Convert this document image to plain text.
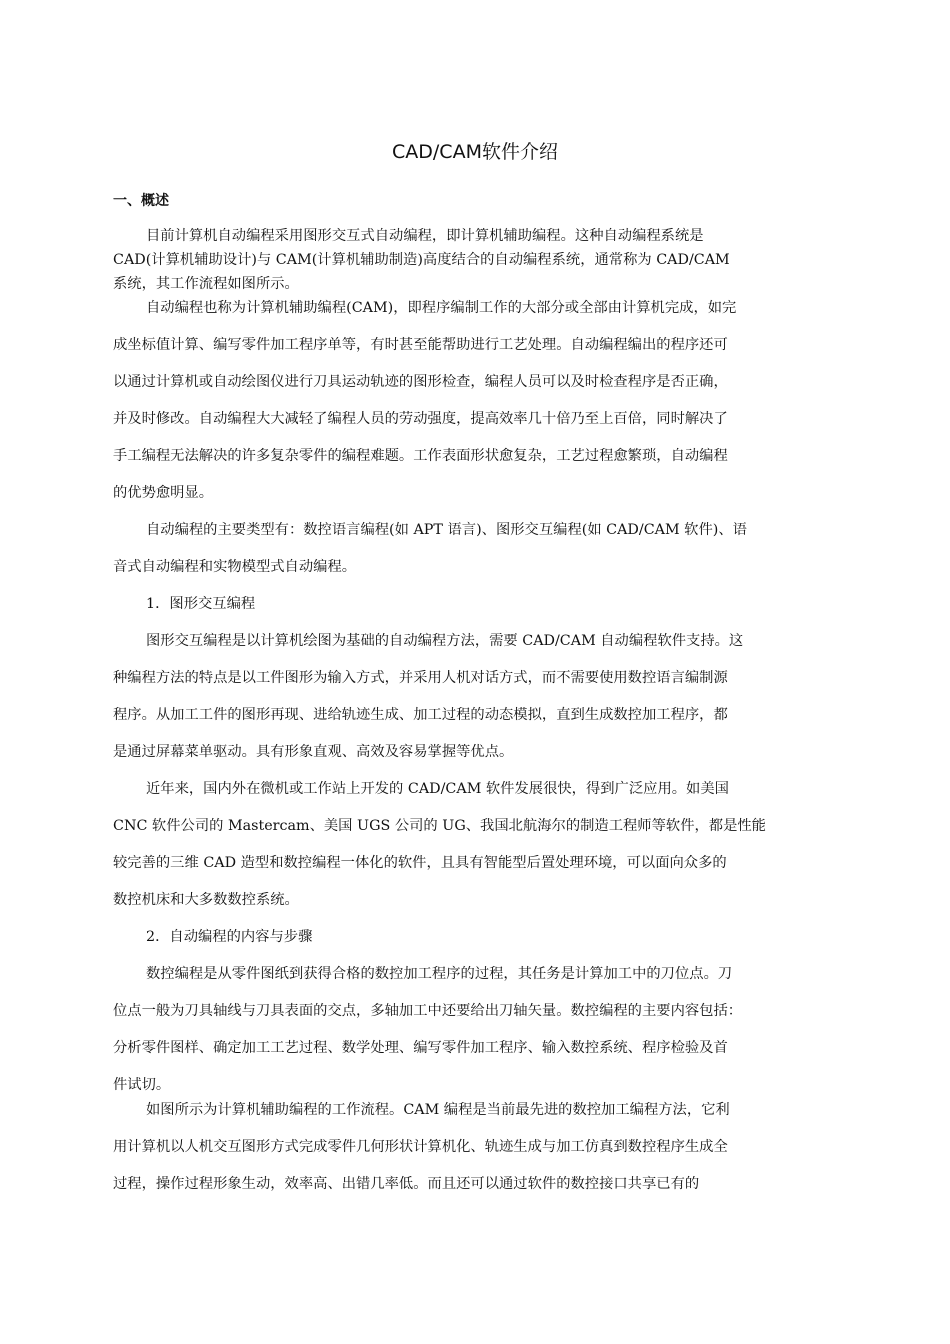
CAD/CAM软件介绍
一、概述
目前计算机自动编程采用图形交互式自动编程，即计算机辅助编程。这种自动编程系统是
CAD(计算机辅助设计)与 CAM(计算机辅助制造)高度结合的自动编程系统，通常称为 CAD/CAM
系统，其工作流程如图所示。
自动编程也称为计算机辅助编程(CAM)，即程序编制工作的大部分或全部由计算机完成，如完
成坐标值计算、编写零件加工程序单等，有时甚至能帮助进行工艺处理。自动编程编出的程序还可
以通过计算机或自动绘图仪进行刀具运动轨迹的图形检查，编程人员可以及时检查程序是否正确，
并及时修改。自动编程大大减轻了编程人员的劳动强度，提高效率几十倍乃至上百倍，同时解决了
手工编程无法解决的许多复杂零件的编程难题。工作表面形状愈复杂，工艺过程愈繁琐，自动编程
的优势愈明显。
自动编程的主要类型有：数控语言编程(如 APT 语言)、图形交互编程(如 CAD/CAM 软件)、语
音式自动编程和实物模型式自动编程。
1．图形交互编程
图形交互编程是以计算机绘图为基础的自动编程方法，需要 CAD/CAM 自动编程软件支持。这
种编程方法的特点是以工件图形为输入方式，并采用人机对话方式，而不需要使用数控语言编制源
程序。从加工工件的图形再现、进给轨迹生成、加工过程的动态模拟，直到生成数控加工程序，都
是通过屏幕菜单驱动。具有形象直观、高效及容易掌握等优点。
近年来，国内外在微机或工作站上开发的 CAD/CAM 软件发展很快，得到广泛应用。如美国
CNC 软件公司的 Mastercam、美国 UGS 公司的 UG、我国北航海尔的制造工程师等软件，都是性能
较完善的三维 CAD 造型和数控编程一体化的软件，且具有智能型后置处理环境，可以面向众多的
数控机床和大多数数控系统。
2．自动编程的内容与步骤
数控编程是从零件图纸到获得合格的数控加工程序的过程，其任务是计算加工中的刀位点。刀
位点一般为刀具轴线与刀具表面的交点，多轴加工中还要给出刀轴矢量。数控编程的主要内容包括：
分析零件图样、确定加工工艺过程、数学处理、编写零件加工程序、输入数控系统、程序检验及首
件试切。
如图所示为计算机辅助编程的工作流程。CAM 编程是当前最先进的数控加工编程方法，它利
用计算机以人机交互图形方式完成零件几何形状计算机化、轨迹生成与加工仿真到数控程序生成全
过程，操作过程形象生动，效率高、出错几率低。而且还可以通过软件的数控接口共享已有的
